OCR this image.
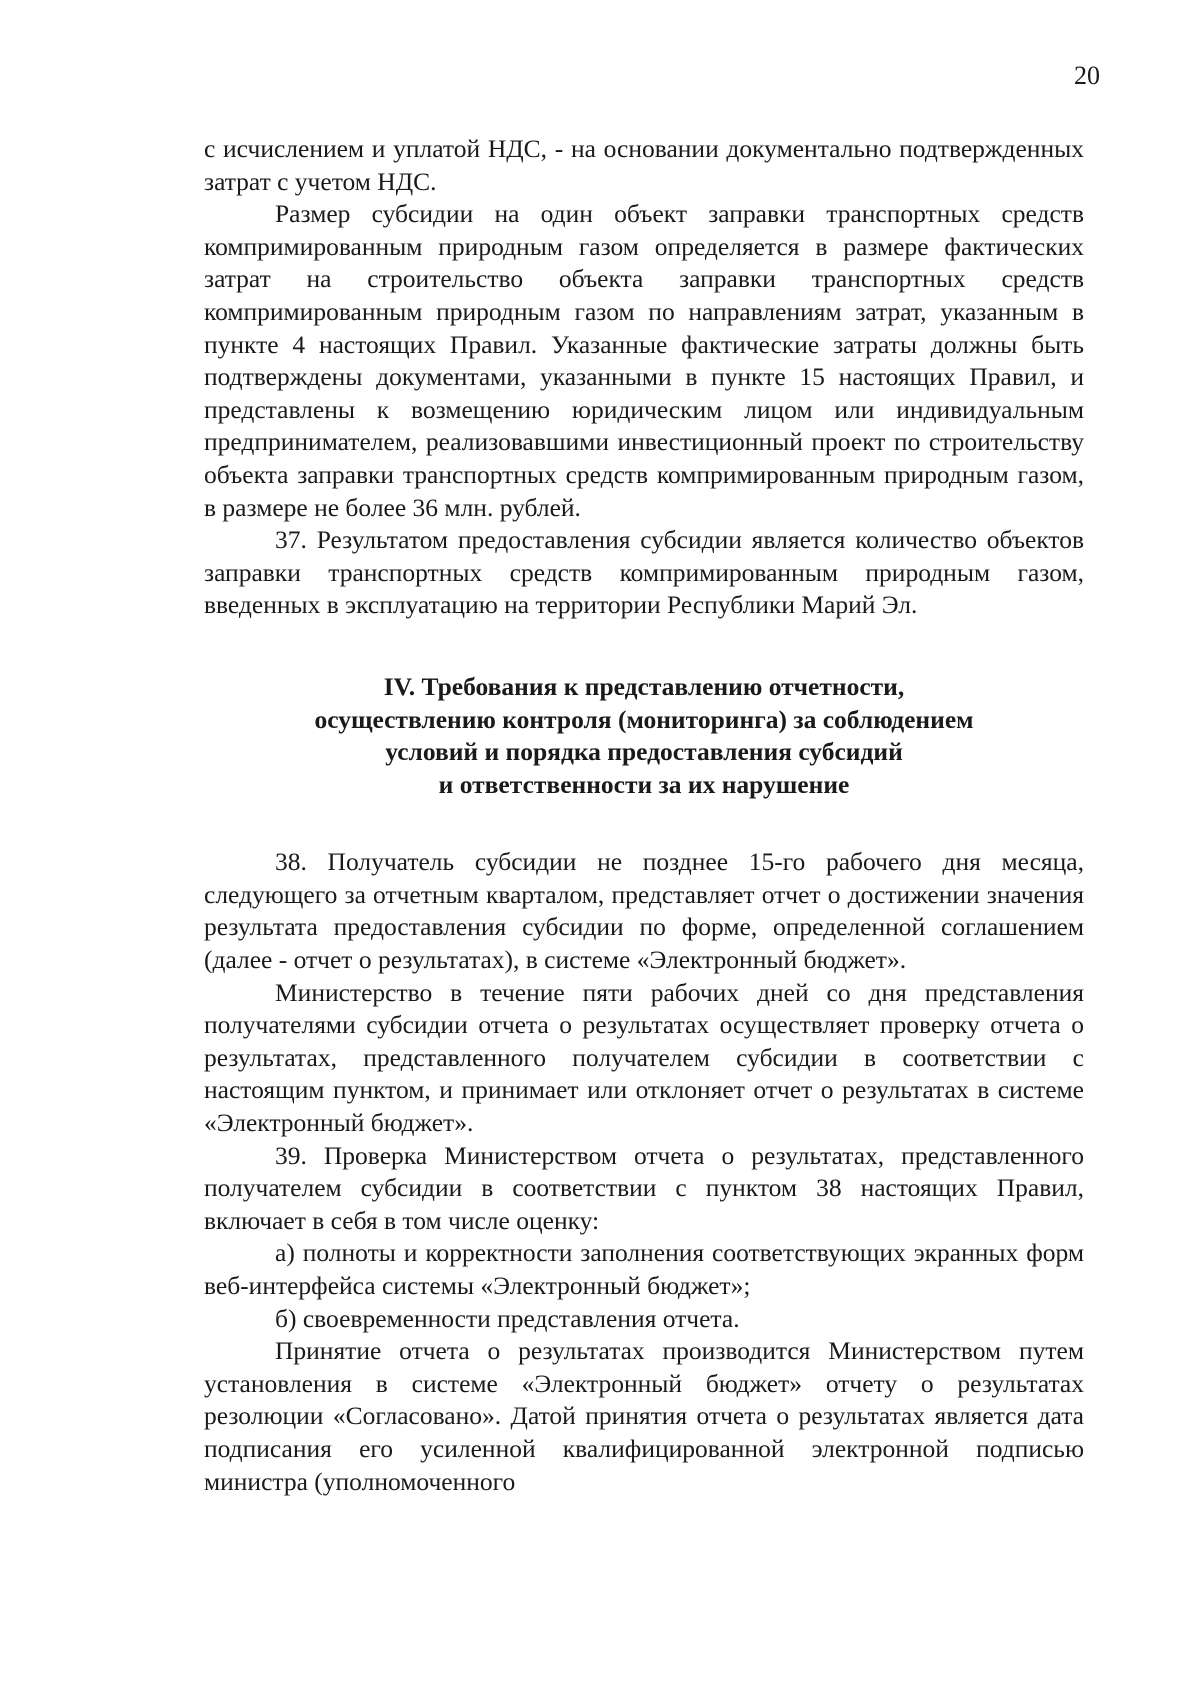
20

с исчислением и уплатой НДС, - на основании документально подтвержденных затрат с учетом НДС.

Размер субсидии на один объект заправки транспортных средств компримированным природным газом определяется в размере фактических затрат на строительство объекта заправки транспортных средств компримированным природным газом по направлениям затрат, указанным в пункте 4 настоящих Правил. Указанные фактические затраты должны быть подтверждены документами, указанными в пункте 15 настоящих Правил, и представлены к возмещению юридическим лицом или индивидуальным предпринимателем, реализовавшими инвестиционный проект по строительству объекта заправки транспортных средств компримированным природным газом, в размере не более 36 млн. рублей.

37. Результатом предоставления субсидии является количество объектов заправки транспортных средств компримированным природным газом, введенных в эксплуатацию на территории Республики Марий Эл.

IV. Требования к представлению отчетности,
осуществлению контроля (мониторинга) за соблюдением
условий и порядка предоставления субсидий
и ответственности за их нарушение

38. Получатель субсидии не позднее 15-го рабочего дня месяца, следующего за отчетным кварталом, представляет отчет о достижении значения результата предоставления субсидии по форме, определенной соглашением (далее - отчет о результатах), в системе «Электронный бюджет».

Министерство в течение пяти рабочих дней со дня представления получателями субсидии отчета о результатах осуществляет проверку отчета о результатах, представленного получателем субсидии в соответствии с настоящим пунктом, и принимает или отклоняет отчет о результатах в системе «Электронный бюджет».

39. Проверка Министерством отчета о результатах, представленного получателем субсидии в соответствии с пунктом 38 настоящих Правил, включает в себя в том числе оценку:

а) полноты и корректности заполнения соответствующих экранных форм веб-интерфейса системы «Электронный бюджет»;

б) своевременности представления отчета.

Принятие отчета о результатах производится Министерством путем установления в системе «Электронный бюджет» отчету о результатах резолюции «Согласовано». Датой принятия отчета о результатах является дата подписания его усиленной квалифицированной электронной подписью министра (уполномоченного
